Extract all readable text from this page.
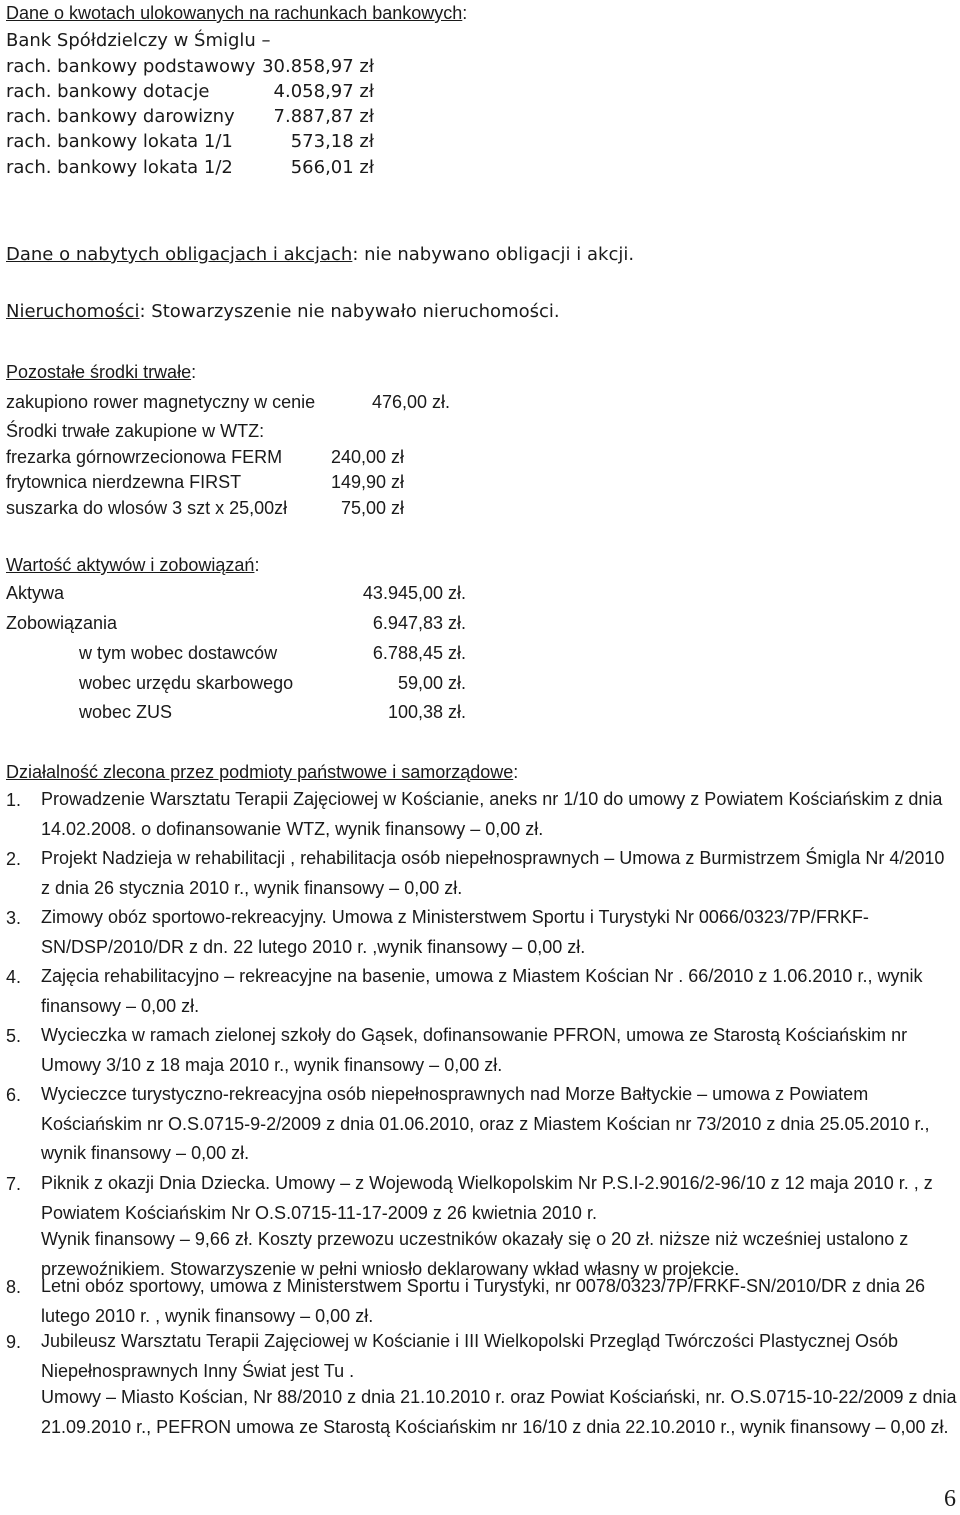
Dane o kwotach ulokowanych na rachunkach bankowych:
Bank Spółdzielczy w Śmiglu –
rach. bankowy podstawowy 30.858,97 zł
rach. bankowy dotacje	4.058,97 zł
rach. bankowy darowizny	7.887,87 zł
rach. bankowy lokata 1/1	573,18 zł
rach. bankowy lokata 1/2	566,01 zł
Dane o nabytych obligacjach i akcjach: nie nabywano obligacji i akcji.
Nieruchomości: Stowarzyszenie nie nabywało nieruchomości.
Pozostałe środki trwałe:
zakupiono rower magnetyczny w cenie	476,00 zł.
Środki trwałe zakupione w WTZ:
frezarka górnowrzecionowa FERM	240,00 zł
frytownica nierdzewna FIRST	149,90 zł
suszarka do wlosów 3 szt x 25,00zł	75,00 zł
Wartość aktywów i zobowiązań:
Aktywa	43.945,00 zł.
Zobowiązania	6.947,83 zł.
w tym wobec dostawców	6.788,45 zł.
wobec urzędu skarbowego	59,00 zł.
wobec ZUS	100,38 zł.
Działalność zlecona przez podmioty państwowe i samorządowe:
1. Prowadzenie Warsztatu Terapii Zajęciowej w Kościanie, aneks nr 1/10 do umowy z Powiatem Kościańskim z dnia 14.02.2008. o dofinansowanie WTZ, wynik finansowy – 0,00 zł.
2. Projekt Nadzieja w rehabilitacji , rehabilitacja osób niepełnosprawnych – Umowa z Burmistrzem Śmigla Nr 4/2010 z dnia 26 stycznia 2010 r., wynik finansowy – 0,00 zł.
3. Zimowy obóz sportowo-rekreacyjny. Umowa z Ministerstwem Sportu i Turystyki Nr 0066/0323/7P/FRKF-SN/DSP/2010/DR z dn. 22 lutego 2010 r. ,wynik finansowy – 0,00 zł.
4. Zajęcia rehabilitacyjno – rekreacyjne na basenie, umowa z Miastem Kościan Nr . 66/2010 z 1.06.2010 r., wynik finansowy – 0,00 zł.
5. Wycieczka w ramach zielonej szkoły do Gąsek, dofinansowanie PFRON, umowa ze Starostą Kościańskim nr Umowy 3/10 z 18 maja 2010 r., wynik finansowy – 0,00 zł.
6. Wycieczce turystyczno-rekreacyjna osób niepełnosprawnych nad Morze Bałtyckie – umowa z Powiatem Kościańskim nr O.S.0715-9-2/2009 z dnia 01.06.2010, oraz z Miastem Kościan nr 73/2010 z dnia 25.05.2010 r., wynik finansowy – 0,00 zł.
7. Piknik z okazji Dnia Dziecka. Umowy – z Wojewodą Wielkopolskim Nr P.S.I-2.9016/2-96/10 z 12 maja 2010 r. , z Powiatem Kościańskim Nr O.S.0715-11-17-2009 z 26 kwietnia 2010 r.
Wynik finansowy – 9,66 zł. Koszty przewozu uczestników okazały się o 20 zł. niższe niż wcześniej ustalono z przewoźnikiem. Stowarzyszenie w pełni wniosło deklarowany wkład własny w projekcie.
8. Letni obóz sportowy, umowa z Ministerstwem Sportu i Turystyki, nr 0078/0323/7P/FRKF-SN/2010/DR z dnia 26 lutego 2010 r. , wynik finansowy – 0,00 zł.
9. Jubileusz Warsztatu Terapii Zajęciowej w Kościanie i III Wielkopolski Przegląd Twórczości Plastycznej Osób Niepełnosprawnych Inny Świat jest Tu .
Umowy – Miasto Kościan, Nr 88/2010 z dnia 21.10.2010 r. oraz Powiat Kościański, nr. O.S.0715-10-22/2009 z dnia 21.09.2010 r., PEFRON umowa ze Starostą Kościańskim nr 16/10 z dnia 22.10.2010 r., wynik finansowy – 0,00 zł.
6
